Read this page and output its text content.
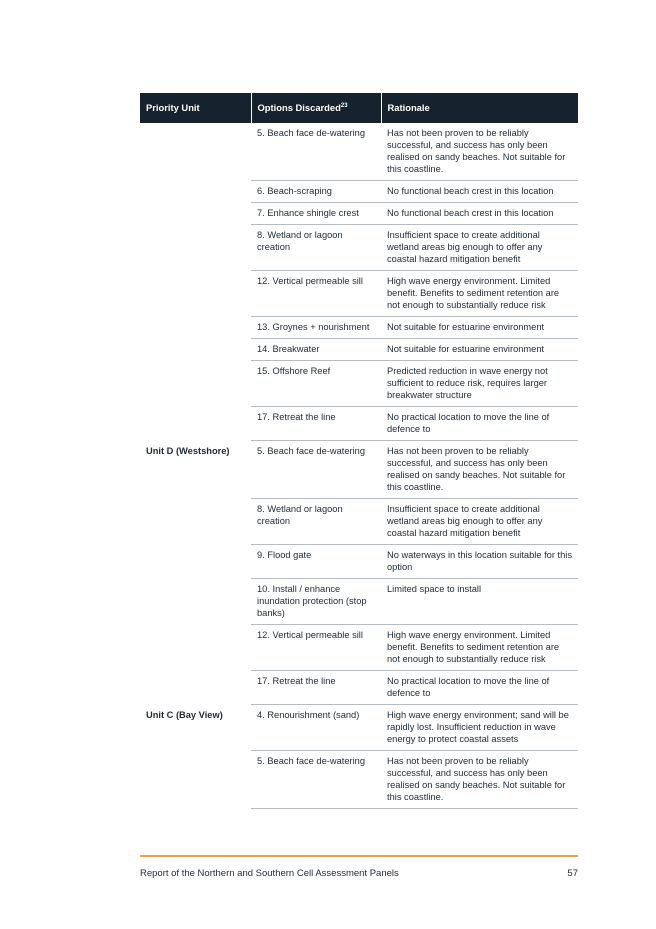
Priority Unit	Options Discarded$^{23}$	Rationale
	5. Beach face de-watering	Has not been proven to be reliably successful, and success has only been realised on sandy beaches. Not suitable for this coastline.
	6. Beach-scraping	No functional beach crest in this location
	7. Enhance shingle crest	No functional beach crest in this location
	8. Wetland or lagoon creation	Insufficient space to create additional wetland areas big enough to offer any coastal hazard mitigation benefit
	12. Vertical permeable sill	High wave energy environment. Limited benefit. Benefits to sediment retention are not enough to substantially reduce risk
	13. Groynes + nourishment	Not suitable for estuarine environment
	14. Breakwater	Not suitable for estuarine environment
	15. Offshore Reef	Predicted reduction in wave energy not sufficient to reduce risk, requires larger breakwater structure
	17. Retreat the line	No practical location to move the line of defence to
Unit D (Westshore)	5. Beach face de-watering	Has not been proven to be reliably successful, and success has only been realised on sandy beaches. Not suitable for this coastline.
	8. Wetland or lagoon creation	Insufficient space to create additional wetland areas big enough to offer any coastal hazard mitigation benefit
	9. Flood gate	No waterways in this location suitable for this option
	10. Install / enhance inundation protection (stop banks)	Limited space to install
	12. Vertical permeable sill	High wave energy environment. Limited benefit. Benefits to sediment retention are not enough to substantially reduce risk
	17. Retreat the line	No practical location to move the line of defence to
Unit C (Bay View)	4. Renourishment (sand)	High wave energy environment; sand will be rapidly lost. Insufficient reduction in wave energy to protect coastal assets
	5. Beach face de-watering	Has not been proven to be reliably successful, and success has only been realised on sandy beaches. Not suitable for this coastline.
Report of the Northern and Southern Cell Assessment Panels	57
